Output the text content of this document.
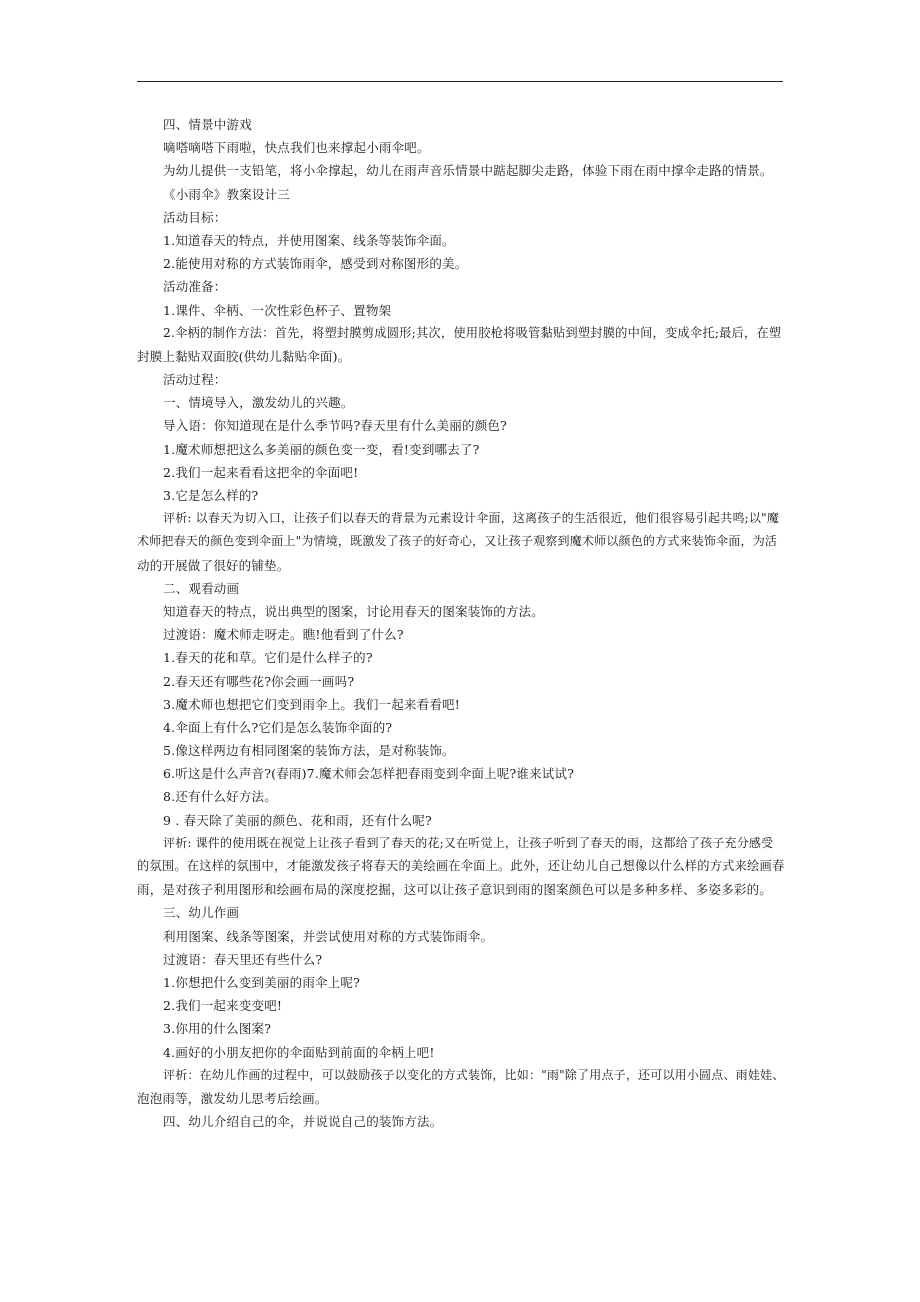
四、情景中游戏
嘀嗒嘀嗒下雨啦，快点我们也来撑起小雨伞吧。
为幼儿提供一支铅笔，将小伞撑起，幼儿在雨声音乐情景中踮起脚尖走路，体验下雨在雨中撑伞走路的情景。
《小雨伞》教案设计三
活动目标：
1.知道春天的特点，并使用图案、线条等装饰伞面。
2.能使用对称的方式装饰雨伞，感受到对称图形的美。
活动准备：
1.课件、伞柄、一次性彩色杯子、置物架
2.伞柄的制作方法：首先，将塑封膜剪成圆形;其次，使用胶枪将吸管黏贴到塑封膜的中间，变成伞托;最后，在塑
封膜上黏贴双面胶(供幼儿黏贴伞面)。
活动过程：
一、情境导入，激发幼儿的兴趣。
导入语：你知道现在是什么季节吗?春天里有什么美丽的颜色?
1.魔术师想把这么多美丽的颜色变一变，看!变到哪去了?
2.我们一起来看看这把伞的伞面吧!
3.它是怎么样的?
评析: 以春天为切入口，让孩子们以春天的背景为元素设计伞面，这离孩子的生活很近，他们很容易引起共鸣;以"魔
术师把春天的颜色变到伞面上"为情境，既激发了孩子的好奇心，又让孩子观察到魔术师以颜色的方式来装饰伞面，为活
动的开展做了很好的铺垫。
二、观看动画
知道春天的特点，说出典型的图案，讨论用春天的图案装饰的方法。
过渡语：魔术师走呀走。瞧!他看到了什么?
1.春天的花和草。它们是什么样子的?
2.春天还有哪些花?你会画一画吗?
3.魔术师也想把它们变到雨伞上。我们一起来看看吧!
4.伞面上有什么?它们是怎么装饰伞面的?
5.像这样两边有相同图案的装饰方法，是对称装饰。
6.听这是什么声音?(春雨)7.魔术师会怎样把春雨变到伞面上呢?谁来试试?
8.还有什么好方法。
9 . 春天除了美丽的颜色、花和雨，还有什么呢?
评析: 课件的使用既在视觉上让孩子看到了春天的花;又在听觉上，让孩子听到了春天的雨，这都给了孩子充分感受
的氛围。在这样的氛围中，才能激发孩子将春天的美绘画在伞面上。此外，还让幼儿自己想像以什么样的方式来绘画春
雨，是对孩子利用图形和绘画布局的深度挖掘，这可以让孩子意识到雨的图案颜色可以是多种多样、多姿多彩的。
三、幼儿作画
利用图案、线条等图案，并尝试使用对称的方式装饰雨伞。
过渡语：春天里还有些什么?
1.你想把什么变到美丽的雨伞上呢?
2.我们一起来变变吧!
3.你用的什么图案?
4.画好的小朋友把你的伞面贴到前面的伞柄上吧!
评析：在幼儿作画的过程中，可以鼓励孩子以变化的方式装饰，比如："雨"除了用点子，还可以用小圆点、雨娃娃、
泡泡雨等，激发幼儿思考后绘画。
四、幼儿介绍自己的伞，并说说自己的装饰方法。
